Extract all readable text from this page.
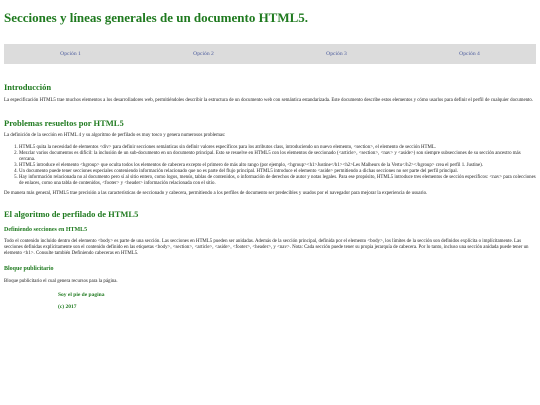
Secciones y líneas generales de un documento HTML5.
Opción 1	Opción 2	Opción 3	Opción 4
Introducción

La especificación HTML5 trae muchos elementos a los desarrolladores web, permitiéndoles describir la estructura de un documento web con semántica estandarizada. Este documento describe estos elementos y cómo usarlos para definir el perfil de cualquier documento.

Problemas resueltos por HTML5

La definición de la sección en HTML 4 y su algoritmo de perfilado es muy tosco y genera numerosos problemas:

1. HTML5 quita la necesidad de elementos <div> para definir secciones semánticas sin definir valores específicos para los atributos class, introduciendo un nuevo elemento, <section>, el elemento de sección HTML.
2. Mezclar varios documentos es difícil: la inclusión de un sub-documento en un documento principal. Esto se resuelve en HTML5 con los elementos de seccionado (<article>, <section>, <nav> y <aside>) son siempre subsecciones de su sección ancestro más cercana.
3. HTML5 introduce el elemento <hgroup> que oculta todos los elementos de cabecera excepto el primero de más alto rango (por ejemplo, <hgroup><h1>Justine</h1><h2>Les Malheurs de la Vertu</h2></hgroup> crea el perfil 1. Justine).
4. Un documento puede tener secciones especiales conteniendo información relacionado que no es parte del flujo principal. HTML5 introduce el elemento <aside> permitiendo a dichas secciones no ser parte del perfil principal.
5. Hay información relacionada no al documento pero sí al sitio entero, como logos, menús, tablas de contenidos, o información de derechos de autor y notas legales. Para ese propósito, HTML5 introduce tres elementos de sección específicos: <nav> para colecciones de enlaces, como una tabla de contenidos, <footer> y <header> información relacionada con el sitio.

De manera más general, HTML5 trae precisión a las características de seccionado y cabecera, permitiendo a los perfiles de documento ser predecibles y usados por el navegador para mejorar la experiencia de usuario.

El algoritmo de perfilado de HTML5
Definiendo secciones en HTML5

Todo el contenido incluido dentro del elemento <body> es parte de una sección. Las secciones en HTML5 pueden ser anidadas. Además de la sección principal, definida por el elemento <body>, los límites de la sección son definidos explícita o implícitamente. Las secciones definidas explícitamente son el contenido definido en las etiquetas <body>, <section>, <article>, <aside>, <footer>, <header>, y <nav>. Nota: Cada sección puede tener su propia jerarquía de cabecera. Por lo tanto, incluso una sección anidada puede tener un elemento <h1>. Consulte también Definiendo cabeceras en HTML5.

Bloque publicitario

Bloque publicitario el cual genera recursos para la página.

Soy el pie de pagina
(c) 2017
